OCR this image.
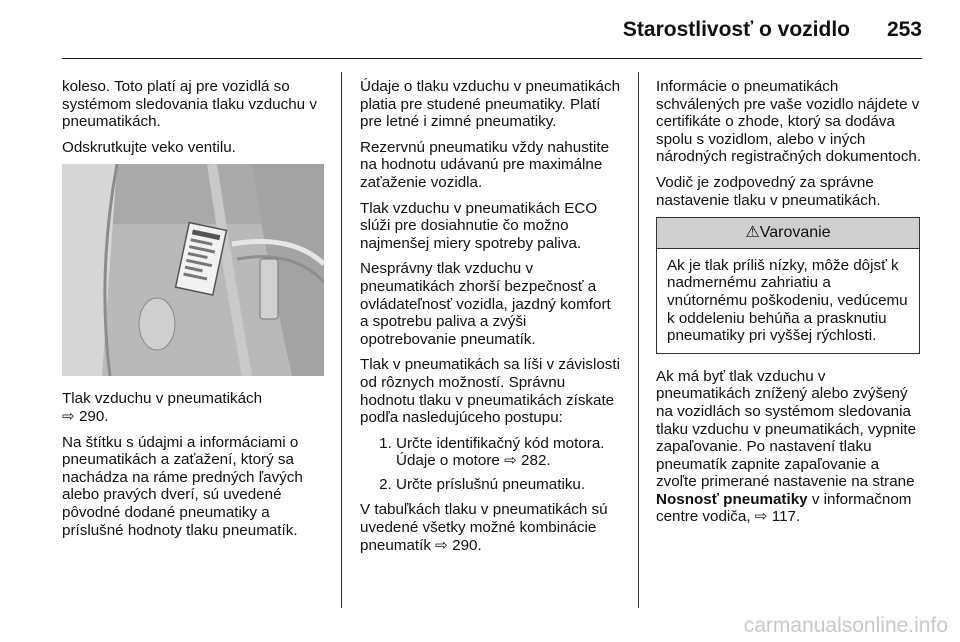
Starostlivosť o vozidlo 253

koleso. Toto platí aj pre vozidlá so systémom sledovania tlaku vzduchu v pneumatikách.

Odskrutkujte veko ventilu.

Tlak vzduchu v pneumatikách
⇨ 290.

Na štítku s údajmi a informáciami o pneumatikách a zaťažení, ktorý sa nachádza na ráme predných ľavých alebo pravých dverí, sú uvedené pôvodné dodané pneumatiky a príslušné hodnoty tlaku pneumatík.

Údaje o tlaku vzduchu v pneumatikách platia pre studené pneumatiky. Platí pre letné i zimné pneumatiky.

Rezervnú pneumatiku vždy nahustite na hodnotu udávanú pre maximálne zaťaženie vozidla.

Tlak vzduchu v pneumatikách ECO slúži pre dosiahnutie čo možno najmenšej miery spotreby paliva.

Nesprávny tlak vzduchu v pneumatikách zhorší bezpečnosť a ovládateľnosť vozidla, jazdný komfort a spotrebu paliva a zvýši opotrebovanie pneumatík.

Tlak v pneumatikách sa líši v závislosti od rôznych možností. Správnu hodnotu tlaku v pneumatikách získate podľa nasledujúceho postupu:

1. Určte identifikačný kód motora. Údaje o motore ⇨ 282.
2. Určte príslušnú pneumatiku.

V tabuľkách tlaku v pneumatikách sú uvedené všetky možné kombinácie pneumatík ⇨ 290.

Informácie o pneumatikách schválených pre vaše vozidlo nájdete v certifikáte o zhode, ktorý sa dodáva spolu s vozidlom, alebo v iných národných registračných dokumentoch.

Vodič je zodpovedný za správne nastavenie tlaku v pneumatikách.

⚠Varovanie
Ak je tlak príliš nízky, môže dôjsť k nadmernému zahriatiu a vnútornému poškodeniu, vedúcemu k oddeleniu behúňa a prasknutiu pneumatiky pri vyššej rýchlosti.

Ak má byť tlak vzduchu v pneumatikách znížený alebo zvýšený na vozidlách so systémom sledovania tlaku vzduchu v pneumatikách, vypnite zapaľovanie. Po nastavení tlaku pneumatík zapnite zapaľovanie a zvoľte primerané nastavenie na strane Nosnosť pneumatiky v informačnom centre vodiča, ⇨ 117.

carmanualsonline.info
